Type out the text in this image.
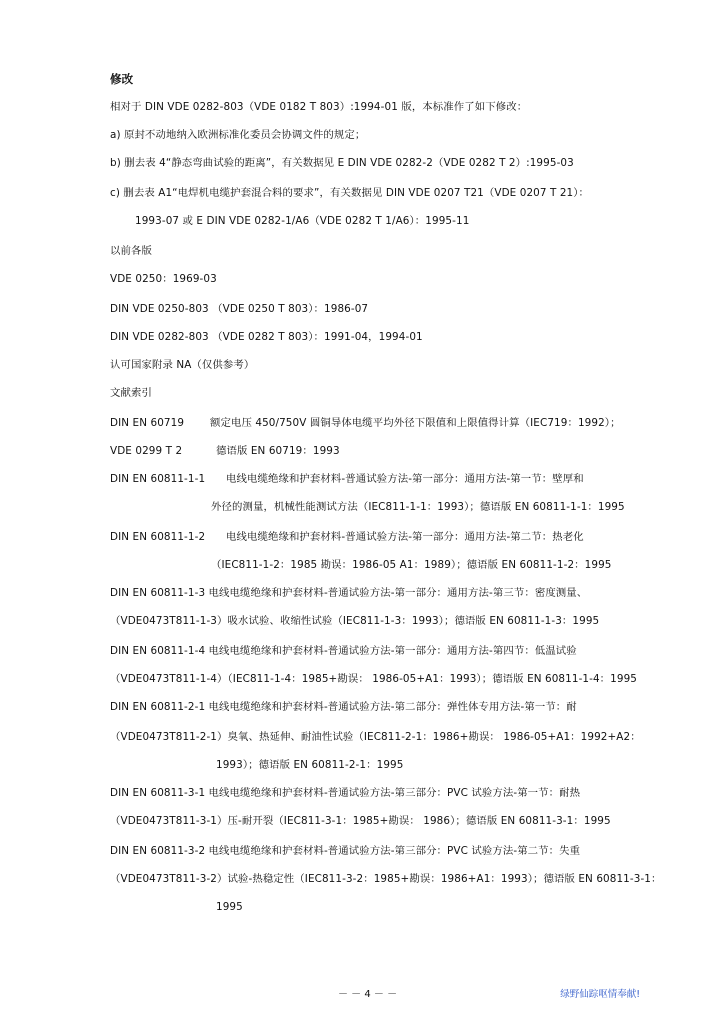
修改
相对于 DIN VDE 0282-803（VDE 0182 T 803）:1994-01 版，本标准作了如下修改：
a) 原封不动地纳入欧洲标准化委员会协调文件的规定；
b) 删去表 4“静态弯曲试验的距离”，有关数据见 E DIN VDE 0282-2（VDE 0282 T 2）:1995-03
c) 删去表 A1“电焊机电缆护套混合料的要求”，有关数据见 DIN VDE 0207 T21（VDE 0207 T 21）：
1993-07 或 E DIN VDE 0282-1/A6（VDE 0282 T 1/A6）：1995-11
以前各版
VDE 0250：1969-03
DIN VDE 0250-803 （VDE 0250 T 803）：1986-07
DIN VDE 0282-803 （VDE 0282 T 803）：1991-04，1994-01
认可国家附录 NA（仅供参考）
文献索引
DIN EN 60719 额定电压 450/750V 圆铜导体电缆平均外径下限值和上限值得计算（IEC719：1992）；
VDE 0299 T 2	德语版 EN 60719：1993
DIN EN 60811-1-1 电线电缆绝缘和护套材料-普通试验方法-第一部分：通用方法-第一节：壁厚和
外径的测量，机械性能测试方法（IEC811-1-1：1993）；德语版 EN 60811-1-1：1995
DIN EN 60811-1-2 电线电缆绝缘和护套材料-普通试验方法-第一部分：通用方法-第二节：热老化
（IEC811-1-2：1985 勘误：1986-05 A1：1989）；德语版 EN 60811-1-2：1995
DIN EN 60811-1-3 电线电缆绝缘和护套材料-普通试验方法-第一部分：通用方法-第三节：密度测量、
（VDE0473T811-1-3）吸水试验、收缩性试验（IEC811-1-3：1993）；德语版 EN 60811-1-3：1995
DIN EN 60811-1-4 电线电缆绝缘和护套材料-普通试验方法-第一部分：通用方法-第四节：低温试验
（VDE0473T811-1-4）（IEC811-1-4：1985+勘误： 1986-05+A1：1993）；德语版 EN 60811-1-4：1995
DIN EN 60811-2-1 电线电缆绝缘和护套材料-普通试验方法-第二部分：弹性体专用方法-第一节：耐
（VDE0473T811-2-1）臭氧、热延伸、耐油性试验（IEC811-2-1：1986+勘误： 1986-05+A1：1992+A2：
1993）；德语版 EN 60811-2-1：1995
DIN EN 60811-3-1 电线电缆绝缘和护套材料-普通试验方法-第三部分：PVC 试验方法-第一节：耐热
（VDE0473T811-3-1）压-耐开裂（IEC811-3-1：1985+勘误： 1986）；德语版 EN 60811-3-1：1995
DIN EN 60811-3-2 电线电缆绝缘和护套材料-普通试验方法-第三部分：PVC 试验方法-第二节：失重
（VDE0473T811-3-2）试验-热稳定性（IEC811-3-2：1985+勘误：1986+A1：1993）；德语版 EN 60811-3-1：
1995
－ － 4 － －	绿野仙踪呕情奉献!
